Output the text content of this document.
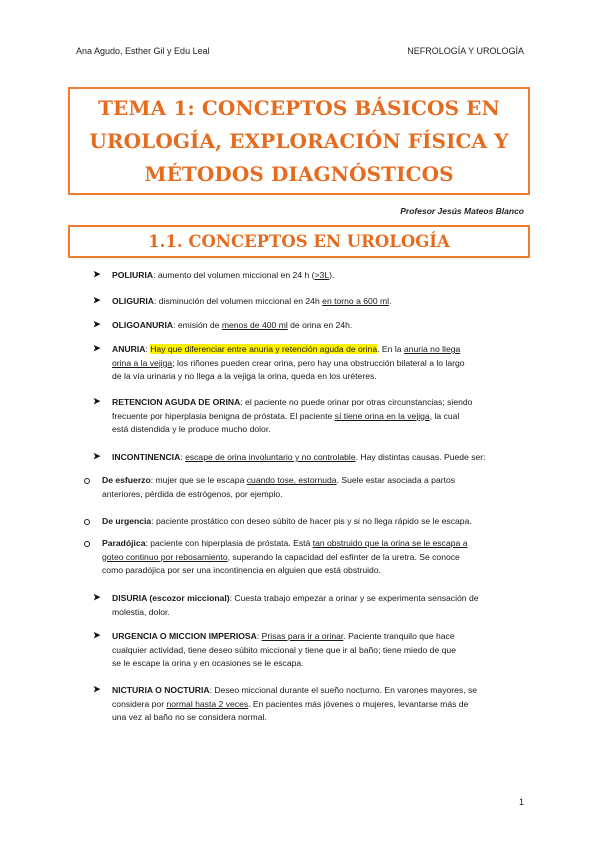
Ana Agudo, Esther Gil y Edu Leal	NEFROLOGÍA Y UROLOGÍA
TEMA 1: CONCEPTOS BÁSICOS EN
UROLOGÍA, EXPLORACIÓN FÍSICA Y
MÉTODOS DIAGNÓSTICOS
Profesor Jesús Mateos Blanco
1.1. CONCEPTOS EN UROLOGÍA
➤ POLIURIA: aumento del volumen miccional en 24 h (>3L).
➤ OLIGURIA: disminución del volumen miccional en 24h en torno a 600 ml.
➤ OLIGOANURIA: emisión de menos de 400 ml de orina en 24h.
➤ ANURIA: Hay que diferenciar entre anuria y retención aguda de orina. En la anuria no llega
orina a la vejiga; los riñones pueden crear orina, pero hay una obstrucción bilateral a lo largo
de la vía urinaria y no llega a la vejiga la orina, queda en los uréteres.
➤ RETENCION AGUDA DE ORINA: el paciente no puede orinar por otras circunstancias; siendo
frecuente por hiperplasia benigna de próstata. El paciente sí tiene orina en la vejiga, la cual
está distendida y le produce mucho dolor.
➤ INCONTINENCIA: escape de orina involuntario y no controlable. Hay distintas causas. Puede ser:
De esfuerzo: mujer que se le escapa cuando tose, estornuda. Suele estar asociada a partos
anteriores, pérdida de estrógenos, por ejemplo.
De urgencia: paciente prostático con deseo súbito de hacer pis y si no llega rápido se le escapa.
Paradójica: paciente con hiperplasia de próstata. Está tan obstruido que la orina se le escapa a
goteo continuo por rebosamiento, superando la capacidad del esfínter de la uretra. Se conoce
como paradójica por ser una incontinencia en alguien que está obstruido.
➤ DISURIA (escozor miccional): Cuesta trabajo empezar a orinar y se experimenta sensación de
molestia, dolor.
➤ URGENCIA O MICCION IMPERIOSA: Prisas para ir a orinar. Paciente tranquilo que hace
cualquier actividad, tiene deseo súbito miccional y tiene que ir al baño; tiene miedo de que
se le escape la orina y en ocasiones se le escapa.
➤ NICTURIA O NOCTURIA: Deseo miccional durante el sueño nocturno. En varones mayores, se
considera por normal hasta 2 veces. En pacientes más jóvenes o mujeres, levantarse más de
una vez al baño no se considera normal.
1
